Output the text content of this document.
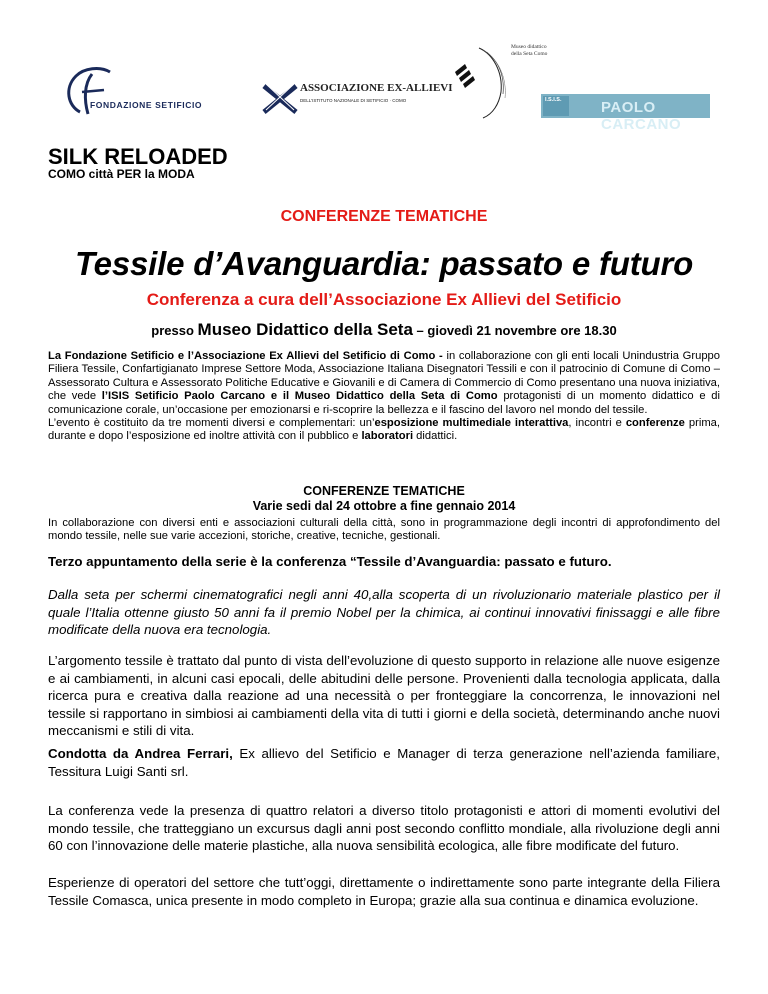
FONDAZIONE SETIFICIO
ASSOCIAZIONE EX-ALLIEVI
DELL'ISTITUTO NAZIONALE DI SETIFICIO · COMO
Museo didattico della Seta Como
I.S.I.S.	PAOLO CARCANO
SILK RELOADED
COMO città PER la MODA
CONFERENZE TEMATICHE
Tessile d’Avanguardia: passato e futuro
Conferenza a cura dell’Associazione Ex Allievi del Setificio
presso Museo Didattico della Seta – giovedì 21 novembre ore 18.30
La Fondazione Setificio e l’Associazione Ex Allievi del Setificio di Como - in collaborazione con gli enti locali Unindustria Gruppo Filiera Tessile, Confartigianato Imprese Settore Moda, Associazione Italiana Disegnatori Tessili e con il patrocinio di Comune di Como – Assessorato Cultura e Assessorato Politiche Educative e Giovanili e di Camera di Commercio di Como presentano una nuova iniziativa, che vede l’ISIS Setificio Paolo Carcano e il Museo Didattico della Seta di Como protagonisti di un momento didattico e di comunicazione corale, un’occasione per emozionarsi e ri-scoprire la bellezza e il fascino del lavoro nel mondo del tessile.
L’evento è costituito da tre momenti diversi e complementari: un’esposizione multimediale interattiva, incontri e conferenze prima, durante e dopo l’esposizione ed inoltre attività con il pubblico e laboratori didattici.
CONFERENZE TEMATICHE
Varie sedi dal 24 ottobre a fine gennaio 2014
In collaborazione con diversi enti e associazioni culturali della città, sono in programmazione degli incontri di approfondimento del mondo tessile, nelle sue varie accezioni, storiche, creative, tecniche, gestionali.
Terzo appuntamento della serie è la conferenza “Tessile d’Avanguardia: passato e futuro.
Dalla seta per schermi cinematografici negli anni 40,alla scoperta di un rivoluzionario materiale plastico per il quale l’Italia ottenne giusto 50 anni fa il premio Nobel per la chimica, ai continui innovativi finissaggi e alle fibre modificate della nuova era tecnologia.
L’argomento tessile è trattato dal punto di vista dell’evoluzione di questo supporto in relazione alle nuove esigenze e ai cambiamenti, in alcuni casi epocali, delle abitudini delle persone. Provenienti dalla tecnologia applicata, dalla ricerca pura e creativa dalla reazione ad una necessità o per fronteggiare la concorrenza, le innovazioni nel tessile si rapportano in simbiosi ai cambiamenti della vita di tutti i giorni e della società, determinando anche nuovi meccanismi e stili di vita.
Condotta da Andrea Ferrari, Ex allievo del Setificio e Manager di terza generazione nell’azienda familiare, Tessitura Luigi Santi srl.
La conferenza vede la presenza di quattro relatori a diverso titolo protagonisti e attori di momenti evolutivi del mondo tessile, che tratteggiano un excursus dagli anni post secondo conflitto mondiale, alla rivoluzione degli anni 60 con l’innovazione delle materie plastiche, alla nuova sensibilità ecologica, alle fibre modificate del futuro.
Esperienze di operatori del settore che tutt’oggi, direttamente o indirettamente sono parte integrante della Filiera Tessile Comasca, unica presente in modo completo in Europa; grazie alla sua continua e dinamica evoluzione.
